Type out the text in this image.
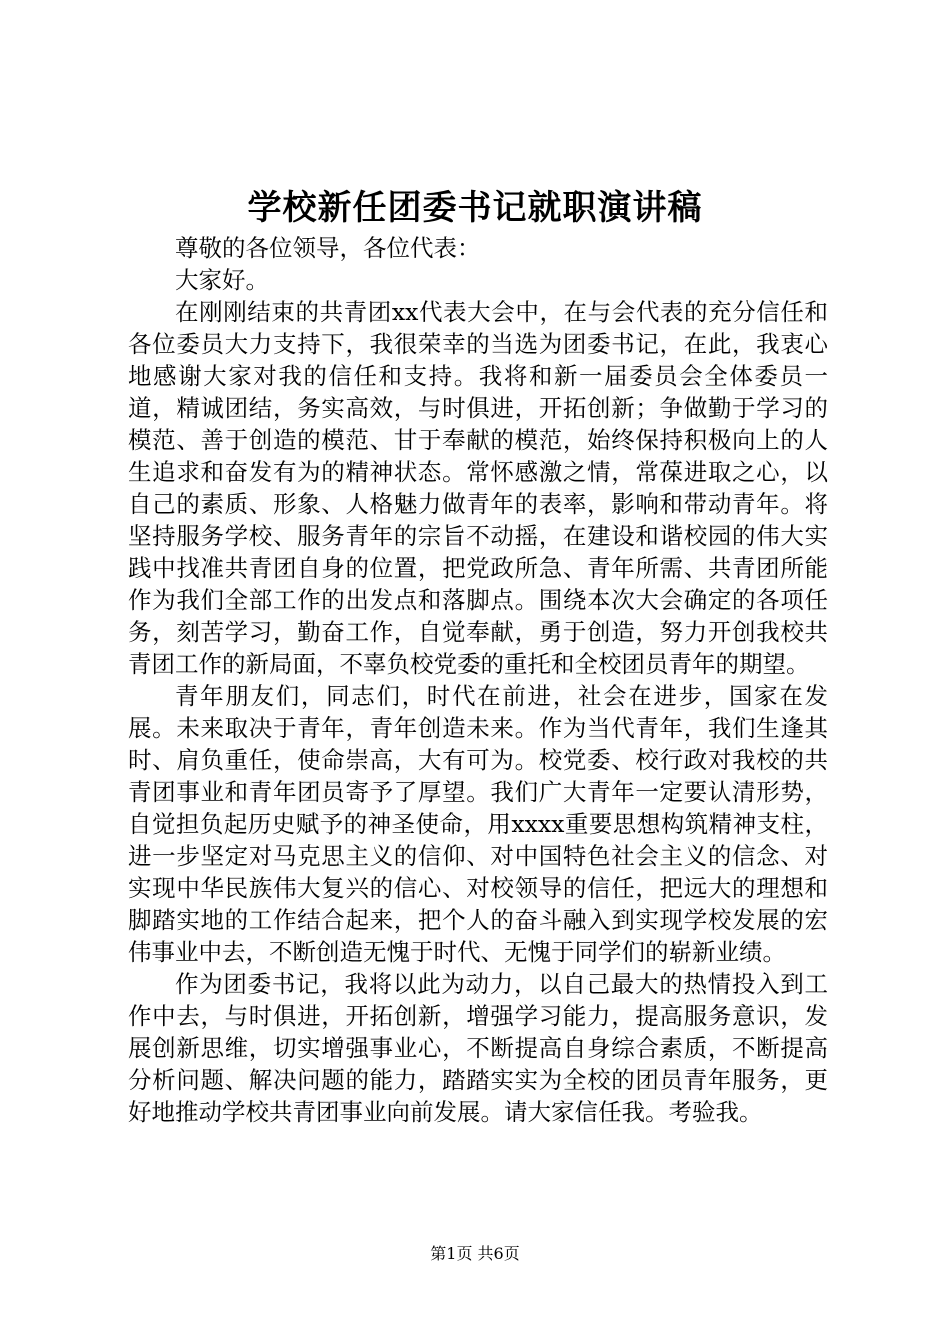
学校新任团委书记就职演讲稿

尊敬的各位领导，各位代表：

大家好。

在刚刚结束的共青团xx代表大会中，在与会代表的充分信任和各位委员大力支持下，我很荣幸的当选为团委书记，在此，我衷心地感谢大家对我的信任和支持。我将和新一届委员会全体委员一道，精诚团结，务实高效，与时俱进，开拓创新；争做勤于学习的模范、善于创造的模范、甘于奉献的模范，始终保持积极向上的人生追求和奋发有为的精神状态。常怀感激之情，常葆进取之心，以自己的素质、形象、人格魅力做青年的表率，影响和带动青年。将坚持服务学校、服务青年的宗旨不动摇，在建设和谐校园的伟大实践中找准共青团自身的位置，把党政所急、青年所需、共青团所能作为我们全部工作的出发点和落脚点。围绕本次大会确定的各项任务，刻苦学习，勤奋工作，自觉奉献，勇于创造，努力开创我校共青团工作的新局面，不辜负校党委的重托和全校团员青年的期望。

青年朋友们，同志们，时代在前进，社会在进步，国家在发展。未来取决于青年，青年创造未来。作为当代青年，我们生逢其时、肩负重任，使命崇高，大有可为。校党委、校行政对我校的共青团事业和青年团员寄予了厚望。我们广大青年一定要认清形势，自觉担负起历史赋予的神圣使命，用xxxx重要思想构筑精神支柱，进一步坚定对马克思主义的信仰、对中国特色社会主义的信念、对实现中华民族伟大复兴的信心、对校领导的信任，把远大的理想和脚踏实地的工作结合起来，把个人的奋斗融入到实现学校发展的宏伟事业中去，不断创造无愧于时代、无愧于同学们的崭新业绩。

作为团委书记，我将以此为动力，以自己最大的热情投入到工作中去，与时俱进，开拓创新，增强学习能力，提高服务意识，发展创新思维，切实增强事业心，不断提高自身综合素质，不断提高分析问题、解决问题的能力，踏踏实实为全校的团员青年服务，更好地推动学校共青团事业向前发展。请大家信任我。考验我。

第1页 共6页
